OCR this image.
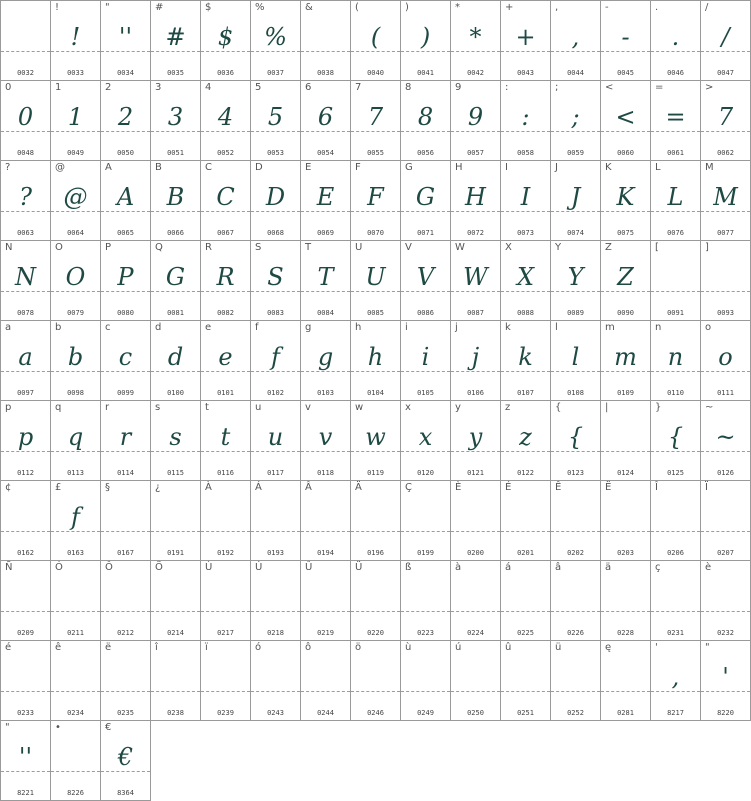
0032
!
!
0033
"
''
0034
#
#
0035
$
$
0036
%
%
0037
&
0038
(
(
0040
)
)
0041
*
*
0042
+
+
0043
,
,
0044
-
-
0045
.
.
0046
/
/
0047
0
0
0048
1
1
0049
2
2
0050
3
3
0051
4
4
0052
5
5
0053
6
6
0054
7
7
0055
8
8
0056
9
9
0057
:
:
0058
;
;
0059
<
<
0060
=
=
0061
>
7
0062
?
?
0063
@
@
0064
A
A
0065
B
B
0066
C
C
0067
D
D
0068
E
E
0069
F
F
0070
G
G
0071
H
H
0072
I
I
0073
J
J
0074
K
K
0075
L
L
0076
M
M
0077
N
N
0078
O
O
0079
P
P
0080
Q
G
0081
R
R
0082
S
S
0083
T
T
0084
U
U
0085
V
V
0086
W
W
0087
X
X
0088
Y
Y
0089
Z
Z
0090
[
0091
]
0093
a
a
0097
b
b
0098
c
c
0099
d
d
0100
e
e
0101
f
f
0102
g
g
0103
h
h
0104
i
i
0105
j
j
0106
k
k
0107
l
l
0108
m
m
0109
n
n
0110
o
o
0111
p
p
0112
q
q
0113
r
r
0114
s
s
0115
t
t
0116
u
u
0117
v
v
0118
w
w
0119
x
x
0120
y
y
0121
z
z
0122
{
{
0123
|
0124
}
{
0125
~
~
0126
¢
0162
£
f
0163
§
0167
¿
0191
À
0192
Á
0193
Â
0194
Ä
0196
Ç
0199
È
0200
É
0201
Ê
0202
Ë
0203
Î
0206
Ï
0207
Ñ
0209
Ó
0211
Ô
0212
Ö
0214
Ù
0217
Ú
0218
Û
0219
Ü
0220
ß
0223
à
0224
á
0225
â
0226
ä
0228
ç
0231
è
0232
é
0233
ê
0234
ë
0235
î
0238
ï
0239
ó
0243
ô
0244
ö
0246
ù
0249
ú
0250
û
0251
ü
0252
ę
0281
'
,
8217
"
'
8220
"
''
8221
•
8226
€
€
8364
